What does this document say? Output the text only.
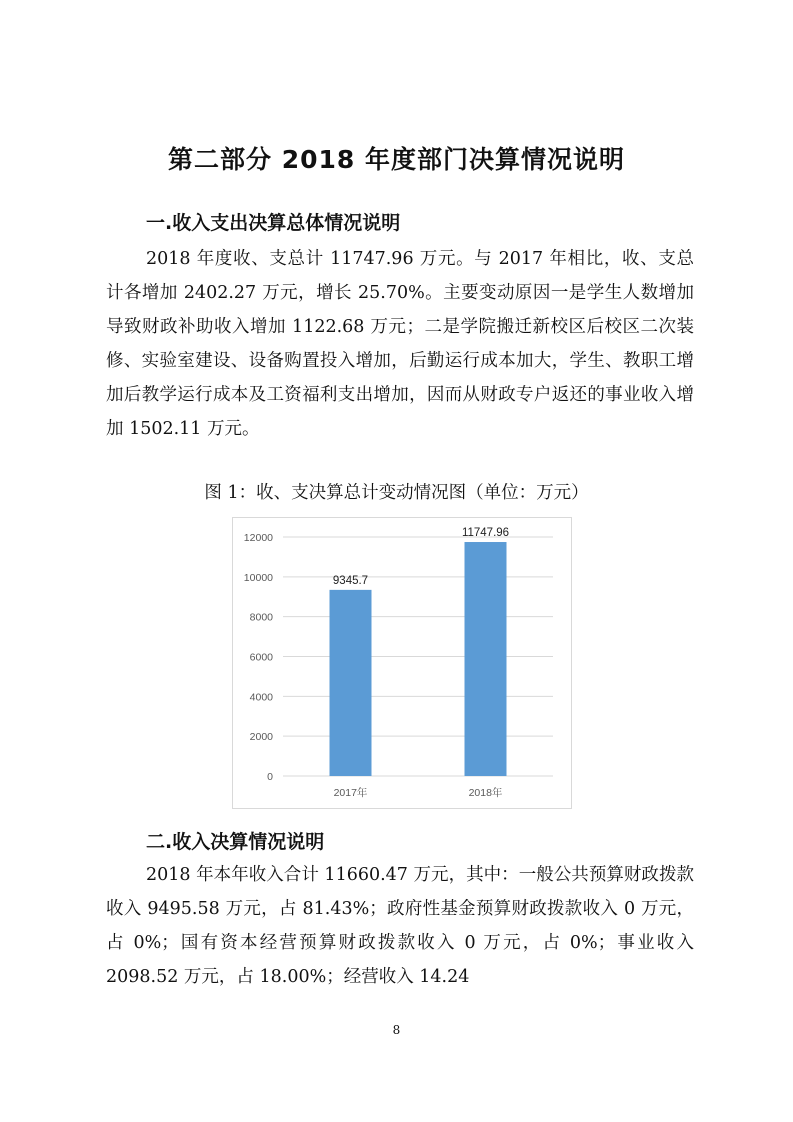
第二部分 2018 年度部门决算情况说明
一.收入支出决算总体情况说明

2018 年度收、支总计 11747.96 万元。与 2017 年相比，收、支总计各增加 2402.27 万元，增长 25.70%。主要变动原因一是学生人数增加导致财政补助收入增加 1122.68 万元；二是学院搬迁新校区后校区二次装修、实验室建设、设备购置投入增加，后勤运行成本加大，学生、教职工增加后教学运行成本及工资福利支出增加，因而从财政专户返还的事业收入增加 1502.11 万元。

图 1：收、支决算总计变动情况图（单位：万元）
0
2000
4000
6000
8000
10000
12000
9345.7
2017年
11747.96
2018年
二.收入决算情况说明

2018 年本年收入合计 11660.47 万元，其中：一般公共预算财政拨款收入 9495.58 万元，占 81.43%；政府性基金预算财政拨款收入 0 万元，占 0%；国有资本经营预算财政拨款收入 0 万元，占 0%；事业收入 2098.52 万元，占 18.00%；经营收入 14.24

8
